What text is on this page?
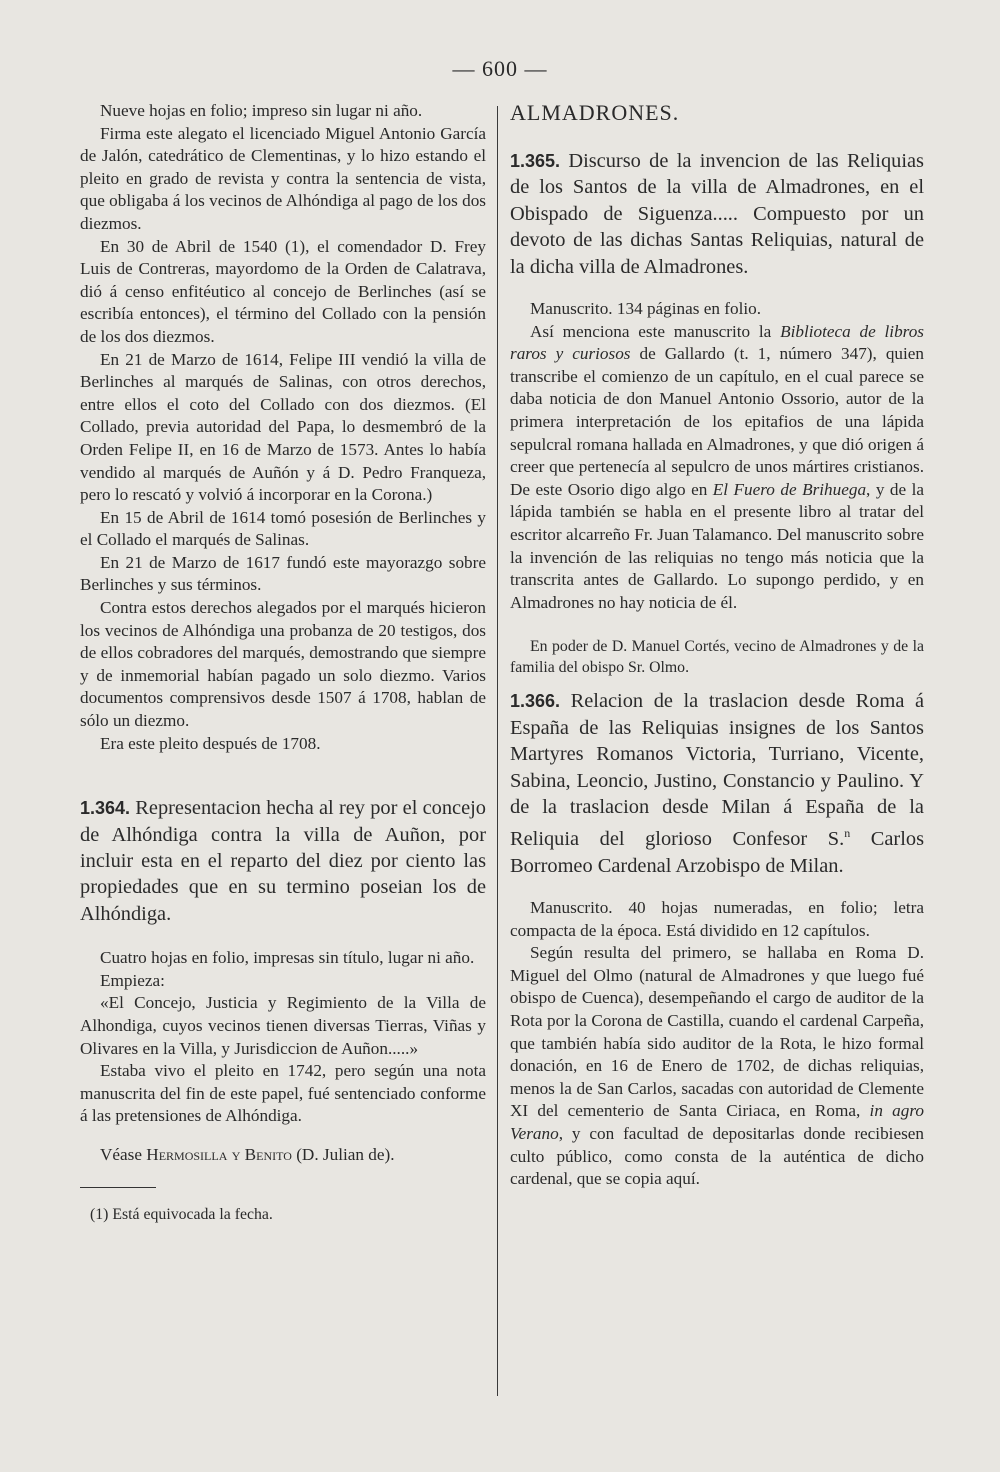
— 600 —

Nueve hojas en folio; impreso sin lugar ni año.

Firma este alegato el licenciado Miguel Antonio García de Jalón, catedrático de Clementinas, y lo hizo estando el pleito en grado de revista y contra la sentencia de vista, que obligaba á los vecinos de Alhóndiga al pago de los dos diezmos.

En 30 de Abril de 1540 (1), el comendador D. Frey Luis de Contreras, mayordomo de la Orden de Calatrava, dió á censo enfitéutico al concejo de Berlinches (así se escribía entonces), el término del Collado con la pensión de los dos diezmos.

En 21 de Marzo de 1614, Felipe III vendió la villa de Berlinches al marqués de Salinas, con otros derechos, entre ellos el coto del Collado con dos diezmos. (El Collado, previa autoridad del Papa, lo desmembró de la Orden Felipe II, en 16 de Marzo de 1573. Antes lo había vendido al marqués de Auñón y á D. Pedro Franqueza, pero lo rescató y volvió á incorporar en la Corona.)

En 15 de Abril de 1614 tomó posesión de Berlinches y el Collado el marqués de Salinas.

En 21 de Marzo de 1617 fundó este mayorazgo sobre Berlinches y sus términos.

Contra estos derechos alegados por el marqués hicieron los vecinos de Alhóndiga una probanza de 20 testigos, dos de ellos cobradores del marqués, demostrando que siempre y de inmemorial habían pagado un solo diezmo. Varios documentos comprensivos desde 1507 á 1708, hablan de sólo un diezmo.

Era este pleito después de 1708.

1.364. Representacion hecha al rey por el concejo de Alhóndiga contra la villa de Auñon, por incluir esta en el reparto del diez por ciento las propiedades que en su termino poseian los de Alhóndiga.

Cuatro hojas en folio, impresas sin título, lugar ni año.

Empieza:

«El Concejo, Justicia y Regimiento de la Villa de Alhondiga, cuyos vecinos tienen diversas Tierras, Viñas y Olivares en la Villa, y Jurisdiccion de Auñon.....»

Estaba vivo el pleito en 1742, pero según una nota manuscrita del fin de este papel, fué sentenciado conforme á las pretensiones de Alhóndiga.

Véase Hermosilla y Benito (D. Julian de).

(1) Está equivocada la fecha.

ALMADRONES.

1.365. Discurso de la invencion de las Reliquias de los Santos de la villa de Almadrones, en el Obispado de Siguenza..... Compuesto por un devoto de las dichas Santas Reliquias, natural de la dicha villa de Almadrones.

Manuscrito. 134 páginas en folio.

Así menciona este manuscrito la Biblioteca de libros raros y curiosos de Gallardo (t. 1, número 347), quien transcribe el comienzo de un capítulo, en el cual parece se daba noticia de don Manuel Antonio Ossorio, autor de la primera interpretación de los epitafios de una lápida sepulcral romana hallada en Almadrones, y que dió origen á creer que pertenecía al sepulcro de unos mártires cristianos. De este Osorio digo algo en El Fuero de Brihuega, y de la lápida también se habla en el presente libro al tratar del escritor alcarreño Fr. Juan Talamanco. Del manuscrito sobre la invención de las reliquias no tengo más noticia que la transcrita antes de Gallardo. Lo supongo perdido, y en Almadrones no hay noticia de él.

En poder de D. Manuel Cortés, vecino de Almadrones y de la familia del obispo Sr. Olmo.

1.366. Relacion de la traslacion desde Roma á España de las Reliquias insignes de los Santos Martyres Romanos Victoria, Turriano, Vicente, Sabina, Leoncio, Justino, Constancio y Paulino. Y de la traslacion desde Milan á España de la Reliquia del glorioso Confesor S.$^n$ Carlos Borromeo Cardenal Arzobispo de Milan.

Manuscrito. 40 hojas numeradas, en folio; letra compacta de la época. Está dividido en 12 capítulos.

Según resulta del primero, se hallaba en Roma D. Miguel del Olmo (natural de Almadrones y que luego fué obispo de Cuenca), desempeñando el cargo de auditor de la Rota por la Corona de Castilla, cuando el cardenal Carpeña, que también había sido auditor de la Rota, le hizo formal donación, en 16 de Enero de 1702, de dichas reliquias, menos la de San Carlos, sacadas con autoridad de Clemente XI del cementerio de Santa Ciriaca, en Roma, in agro Verano, y con facultad de depositarlas donde recibiesen culto público, como consta de la auténtica de dicho cardenal, que se copia aquí.
